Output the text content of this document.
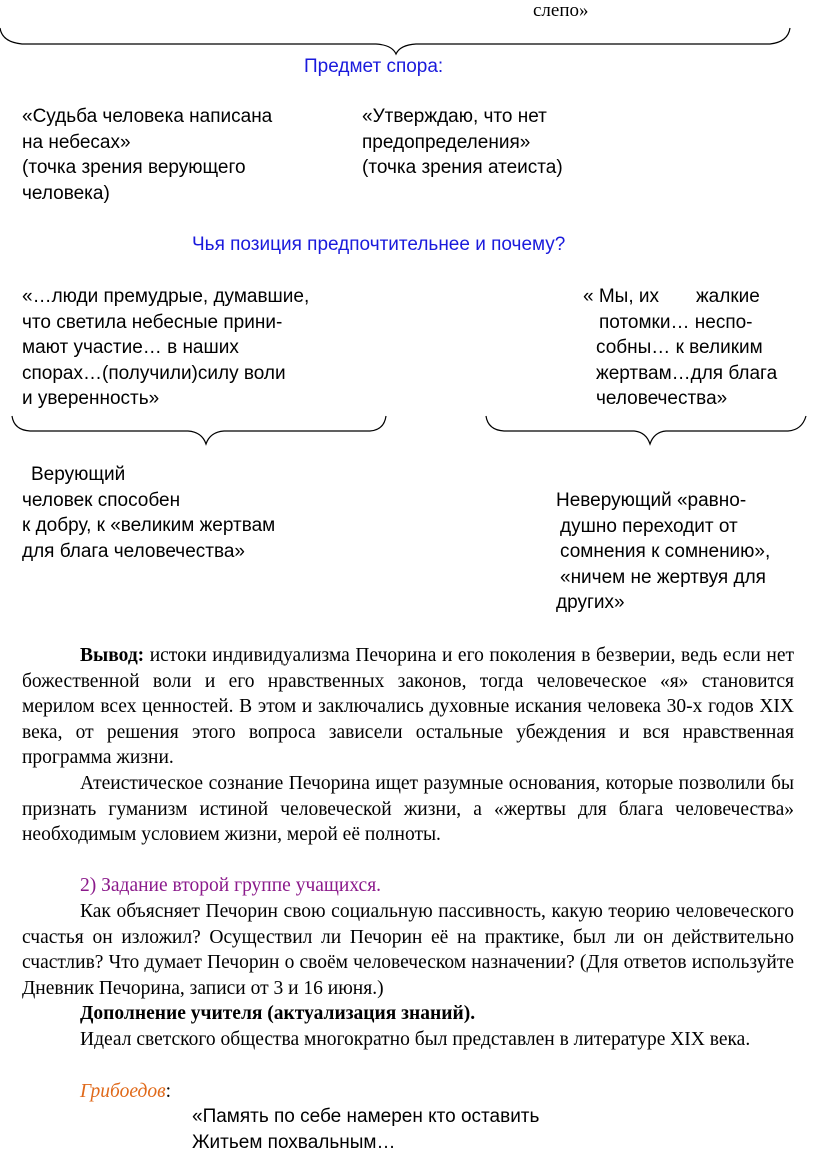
слепо»
Предмет спора:
«Судьба человека написана
на небесах»
(точка зрения верующего
человека)
«Утверждаю, что нет
предопределения»
(точка зрения атеиста)
Чья позиция предпочтительнее и почему?
«…люди премудрые, думавшие,
что светила небесные прини-
мают участие… в наших
спорах…(получили)силу воли
и уверенность»
« Мы, их       жалкие
потомки… неспо-
собны… к великим
жертвам…для блага
человечества»
Верующий
человек способен
к добру, к «великим жертвам
для блага человечества»
Неверующий «равно-
душно переходит от
сомнения к сомнению»,
«ничем не жертвуя для
других»

Вывод: истоки индивидуализма Печорина и его поколения в безверии, ведь если нет божественной воли и его нравственных законов, тогда человеческое «я» становится мерилом всех ценностей. В этом и заключались духовные искания человека 30-х годов XIX века, от решения этого вопроса зависели остальные убеждения и вся нравственная программа жизни.

Атеистическое сознание Печорина ищет разумные основания, которые позволили бы признать гуманизм истиной человеческой жизни, а «жертвы для блага человечества» необходимым условием жизни, мерой её полноты.

2) Задание второй группе учащихся.

Как объясняет Печорин свою социальную пассивность, какую теорию человеческого счастья он изложил? Осуществил ли Печорин её на практике, был ли он действительно счастлив? Что думает Печорин о своём человеческом назначении? (Для ответов используйте Дневник Печорина, записи от 3 и 16 июня.)

Дополнение учителя (актуализация знаний).

Идеал светского общества многократно был представлен в литературе XIX века.

Грибоедов:
«Память по себе намерен кто оставить
Житьем похвальным…
